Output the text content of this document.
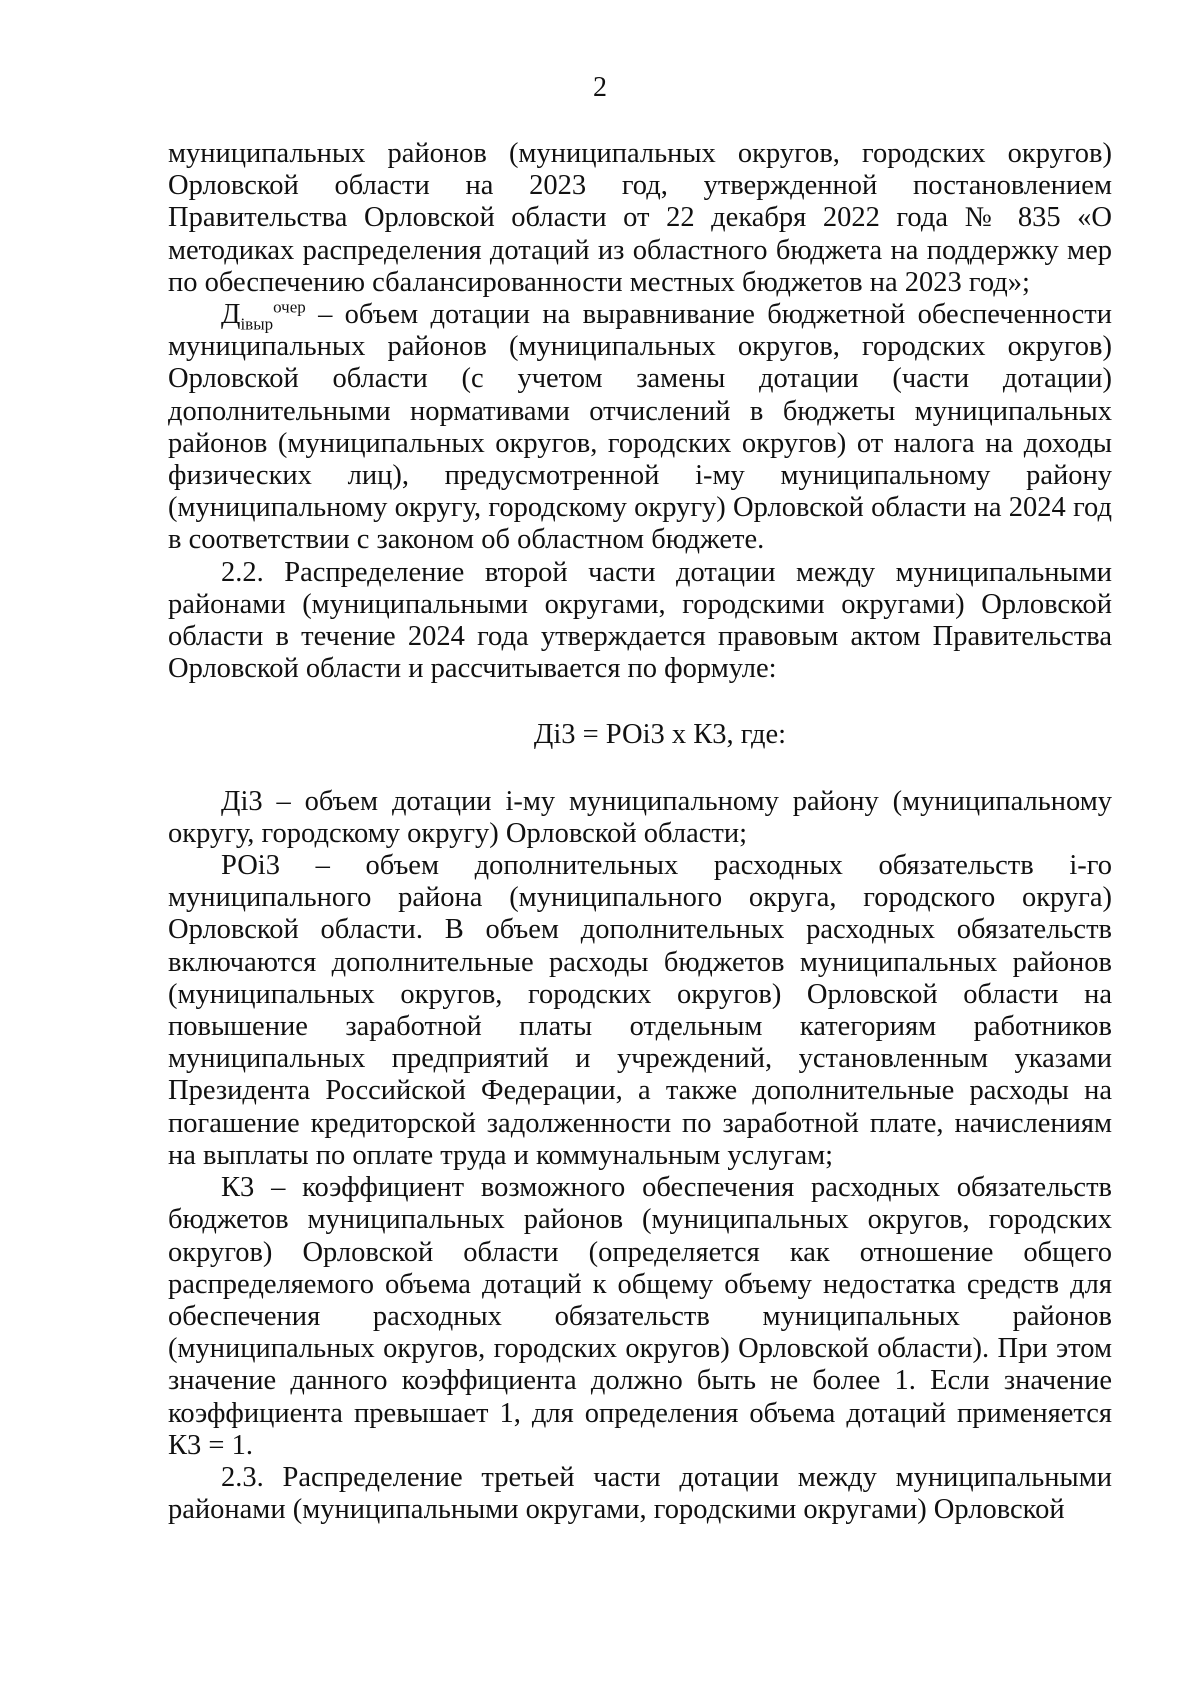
2

муниципальных районов (муниципальных округов, городских округов) Орловской области на 2023 год, утвержденной постановлением Правительства Орловской области от 22 декабря 2022 года № 835 «О методиках распределения дотаций из областного бюджета на поддержку мер по обеспечению сбалансированности местных бюджетов на 2023 год»;

$Д_{iвыр}^{очер}$ – объем дотации на выравнивание бюджетной обеспеченности муниципальных районов (муниципальных округов, городских округов) Орловской области (с учетом замены дотации (части дотации) дополнительными нормативами отчислений в бюджеты муниципальных районов (муниципальных округов, городских округов) от налога на доходы физических лиц), предусмотренной i-му муниципальному району (муниципальному округу, городскому округу) Орловской области на 2024 год в соответствии с законом об областном бюджете.

2.2. Распределение второй части дотации между муниципальными районами (муниципальными округами, городскими округами) Орловской области в течение 2024 года утверждается правовым актом Правительства Орловской области и рассчитывается по формуле:

Дi3 = РОi3 х К3, где:

Дi3 – объем дотации i-му муниципальному району (муниципальному округу, городскому округу) Орловской области;

РОi3 – объем дополнительных расходных обязательств i-го муниципального района (муниципального округа, городского округа) Орловской области. В объем дополнительных расходных обязательств включаются дополнительные расходы бюджетов муниципальных районов (муниципальных округов, городских округов) Орловской области на повышение заработной платы отдельным категориям работников муниципальных предприятий и учреждений, установленным указами Президента Российской Федерации, а также дополнительные расходы на погашение кредиторской задолженности по заработной плате, начислениям на выплаты по оплате труда и коммунальным услугам;

К3 – коэффициент возможного обеспечения расходных обязательств бюджетов муниципальных районов (муниципальных округов, городских округов) Орловской области (определяется как отношение общего распределяемого объема дотаций к общему объему недостатка средств для обеспечения расходных обязательств муниципальных районов (муниципальных округов, городских округов) Орловской области). При этом значение данного коэффициента должно быть не более 1. Если значение коэффициента превышает 1, для определения объема дотаций применяется К3 = 1.

2.3. Распределение третьей части дотации между муниципальными районами (муниципальными округами, городскими округами) Орловской
